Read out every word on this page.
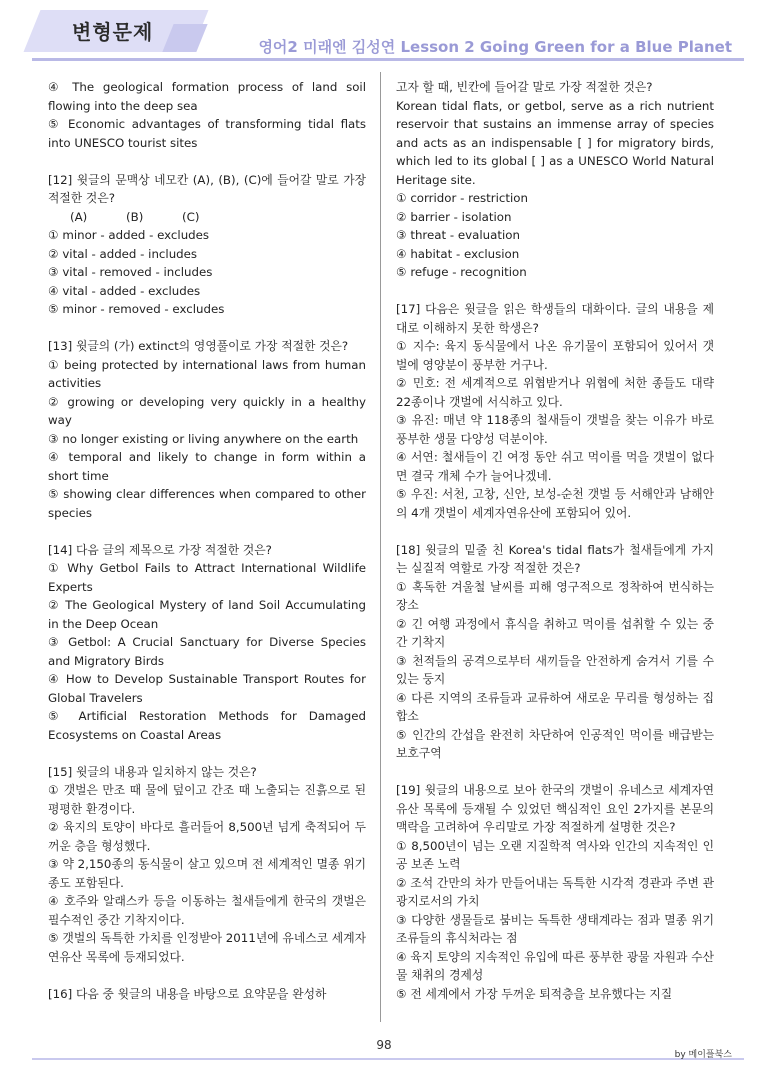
변형문제
영어2 미래엔 김성연 Lesson 2 Going Green for a Blue Planet
④ The geological formation process of land soil flowing into the deep sea
⑤ Economic advantages of transforming tidal flats into UNESCO tourist sites
[12] 윗글의 문맥상 네모칸 (A), (B), (C)에 들어갈 말로 가장 적절한 것은?
(A)	(B)	(C)
① minor - added - excludes
② vital - added - includes
③ vital - removed - includes
④ vital - added - excludes
⑤ minor - removed - excludes
[13] 윗글의 (가) extinct의 영영풀이로 가장 적절한 것은?
① being protected by international laws from human activities
② growing or developing very quickly in a healthy way
③ no longer existing or living anywhere on the earth
④ temporal and likely to change in form within a short time
⑤ showing clear differences when compared to other species
[14] 다음 글의 제목으로 가장 적절한 것은?
① Why Getbol Fails to Attract International Wildlife Experts
② The Geological Mystery of land Soil Accumulating in the Deep Ocean
③ Getbol: A Crucial Sanctuary for Diverse Species and Migratory Birds
④ How to Develop Sustainable Transport Routes for Global Travelers
⑤ Artificial Restoration Methods for Damaged Ecosystems on Coastal Areas
[15] 윗글의 내용과 일치하지 않는 것은?
① 갯벌은 만조 때 물에 덮이고 간조 때 노출되는 진흙으로 된 평평한 환경이다.
② 육지의 토양이 바다로 흘러들어 8,500년 넘게 축적되어 두꺼운 층을 형성했다.
③ 약 2,150종의 동식물이 살고 있으며 전 세계적인 멸종 위기종도 포함된다.
④ 호주와 알래스카 등을 이동하는 철새들에게 한국의 갯벌은 필수적인 중간 기착지이다.
⑤ 갯벌의 독특한 가치를 인정받아 2011년에 유네스코 세계자연유산 목록에 등재되었다.
[16] 다음 중 윗글의 내용을 바탕으로 요약문을 완성하
고자 할 때, 빈칸에 들어갈 말로 가장 적절한 것은?
Korean tidal flats, or getbol, serve as a rich nutrient reservoir that sustains an immense array of species and acts as an indispensable [ ] for migratory birds, which led to its global [ ] as a UNESCO World Natural Heritage site.
① corridor - restriction
② barrier - isolation
③ threat - evaluation
④ habitat - exclusion
⑤ refuge - recognition
[17] 다음은 윗글을 읽은 학생들의 대화이다. 글의 내용을 제대로 이해하지 못한 학생은?
① 지수: 육지 동식물에서 나온 유기물이 포함되어 있어서 갯벌에 영양분이 풍부한 거구나.
② 민호: 전 세계적으로 위협받거나 위협에 처한 종들도 대략 22종이나 갯벌에 서식하고 있다.
③ 유진: 매년 약 118종의 철새들이 갯벌을 찾는 이유가 바로 풍부한 생물 다양성 덕분이야.
④ 서연: 철새들이 긴 여정 동안 쉬고 먹이를 먹을 갯벌이 없다면 결국 개체 수가 늘어나겠네.
⑤ 우진: 서천, 고창, 신안, 보성-순천 갯벌 등 서해안과 남해안의 4개 갯벌이 세계자연유산에 포함되어 있어.
[18] 윗글의 밑줄 친 Korea's tidal flats가 철새들에게 가지는 실질적 역할로 가장 적절한 것은?
① 혹독한 겨울철 날씨를 피해 영구적으로 정착하여 번식하는 장소
② 긴 여행 과정에서 휴식을 취하고 먹이를 섭취할 수 있는 중간 기착지
③ 천적들의 공격으로부터 새끼들을 안전하게 숨겨서 기를 수 있는 둥지
④ 다른 지역의 조류들과 교류하여 새로운 무리를 형성하는 집합소
⑤ 인간의 간섭을 완전히 차단하여 인공적인 먹이를 배급받는 보호구역
[19] 윗글의 내용으로 보아 한국의 갯벌이 유네스코 세계자연유산 목록에 등재될 수 있었던 핵심적인 요인 2가지를 본문의 맥락을 고려하여 우리말로 가장 적절하게 설명한 것은?
① 8,500년이 넘는 오랜 지질학적 역사와 인간의 지속적인 인공 보존 노력
② 조석 간만의 차가 만들어내는 독특한 시각적 경관과 주변 관광지로서의 가치
③ 다양한 생물들로 붐비는 독특한 생태계라는 점과 멸종 위기 조류들의 휴식처라는 점
④ 육지 토양의 지속적인 유입에 따른 풍부한 광물 자원과 수산물 채취의 경제성
⑤ 전 세계에서 가장 두꺼운 퇴적층을 보유했다는 지질
98
by 메이플북스
